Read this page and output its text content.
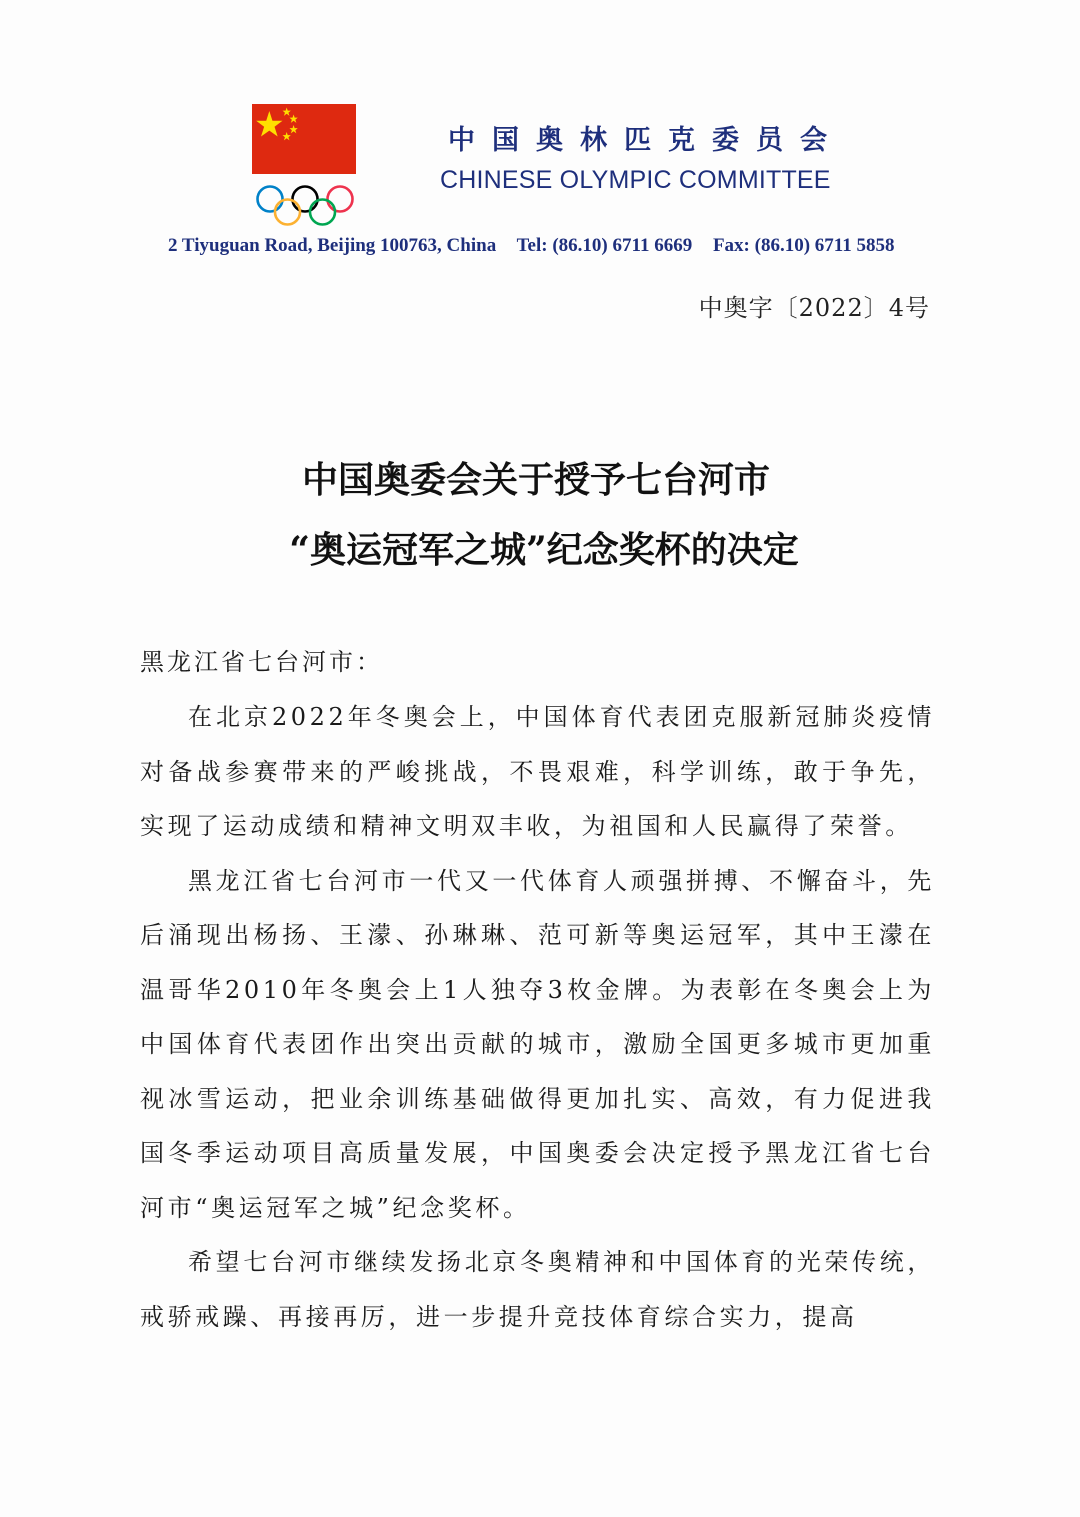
中国奥林匹克委员会
CHINESE OLYMPIC COMMITTEE
2 Tiyuguan Road, Beijing 100763, China Tel: (86.10) 6711 6669 Fax: (86.10) 6711 5858
中奥字〔2022〕4号
中国奥委会关于授予七台河市
“奥运冠军之城”纪念奖杯的决定

黑龙江省七台河市：

在北京2022年冬奥会上，中国体育代表团克服新冠肺炎疫情对备战参赛带来的严峻挑战，不畏艰难，科学训练，敢于争先，实现了运动成绩和精神文明双丰收，为祖国和人民赢得了荣誉。

黑龙江省七台河市一代又一代体育人顽强拼搏、不懈奋斗，先后涌现出杨扬、王濛、孙琳琳、范可新等奥运冠军，其中王濛在温哥华2010年冬奥会上1人独夺3枚金牌。为表彰在冬奥会上为中国体育代表团作出突出贡献的城市，激励全国更多城市更加重视冰雪运动，把业余训练基础做得更加扎实、高效，有力促进我国冬季运动项目高质量发展，中国奥委会决定授予黑龙江省七台河市“奥运冠军之城”纪念奖杯。

希望七台河市继续发扬北京冬奥精神和中国体育的光荣传统，戒骄戒躁、再接再厉，进一步提升竞技体育综合实力，提高
